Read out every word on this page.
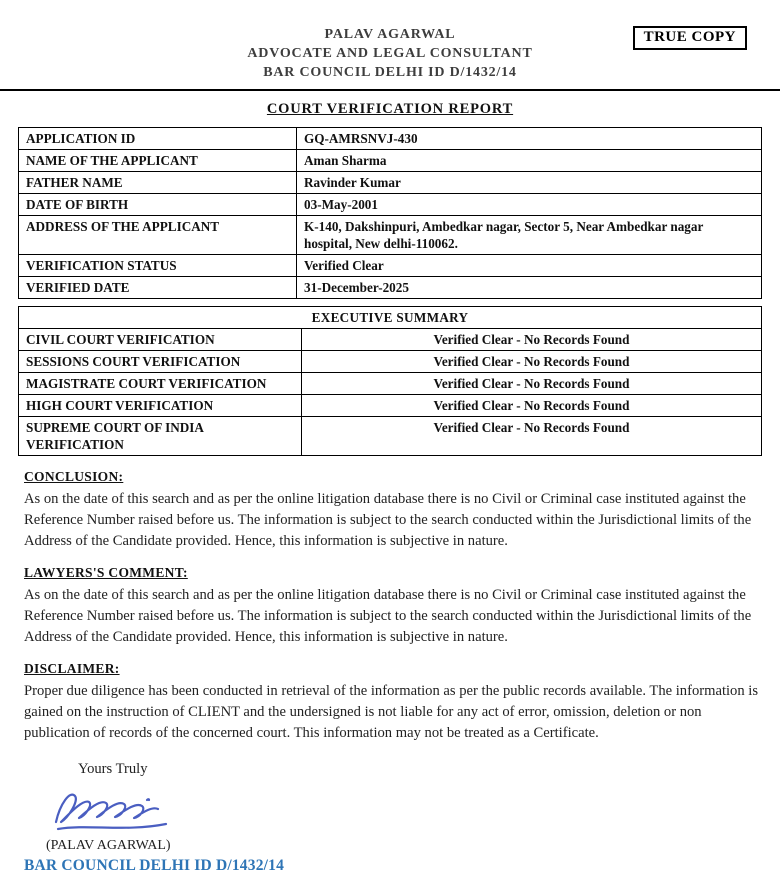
TRUE COPY
PALAV AGARWAL
ADVOCATE AND LEGAL CONSULTANT
BAR COUNCIL DELHI ID D/1432/14
COURT VERIFICATION REPORT
APPLICATION ID	GQ-AMRSNVJ-430
NAME OF THE APPLICANT	Aman Sharma
FATHER NAME	Ravinder Kumar
DATE OF BIRTH	03-May-2001
ADDRESS OF THE APPLICANT	K-140, Dakshinpuri, Ambedkar nagar, Sector 5, Near Ambedkar nagar hospital, New delhi-110062.
VERIFICATION STATUS	Verified Clear
VERIFIED DATE	31-December-2025
EXECUTIVE SUMMARY	
CIVIL COURT VERIFICATION	Verified Clear - No Records Found
SESSIONS COURT VERIFICATION	Verified Clear - No Records Found
MAGISTRATE COURT VERIFICATION	Verified Clear - No Records Found
HIGH COURT VERIFICATION	Verified Clear - No Records Found
SUPREME COURT OF INDIA VERIFICATION	Verified Clear - No Records Found
CONCLUSION:
As on the date of this search and as per the online litigation database there is no Civil or Criminal case instituted against the Reference Number raised before us. The information is subject to the search conducted within the Jurisdictional limits of the Address of the Candidate provided. Hence, this information is subjective in nature.
LAWYERS'S COMMENT:
As on the date of this search and as per the online litigation database there is no Civil or Criminal case instituted against the Reference Number raised before us. The information is subject to the search conducted within the Jurisdictional limits of the Address of the Candidate provided. Hence, this information is subjective in nature.
DISCLAIMER:
Proper due diligence has been conducted in retrieval of the information as per the public records available. The information is gained on the instruction of CLIENT and the undersigned is not liable for any act of error, omission, deletion or non publication of records of the concerned court. This information may not be treated as a Certificate.
Yours Truly
(PALAV AGARWAL)
BAR COUNCIL DELHI ID D/1432/14
